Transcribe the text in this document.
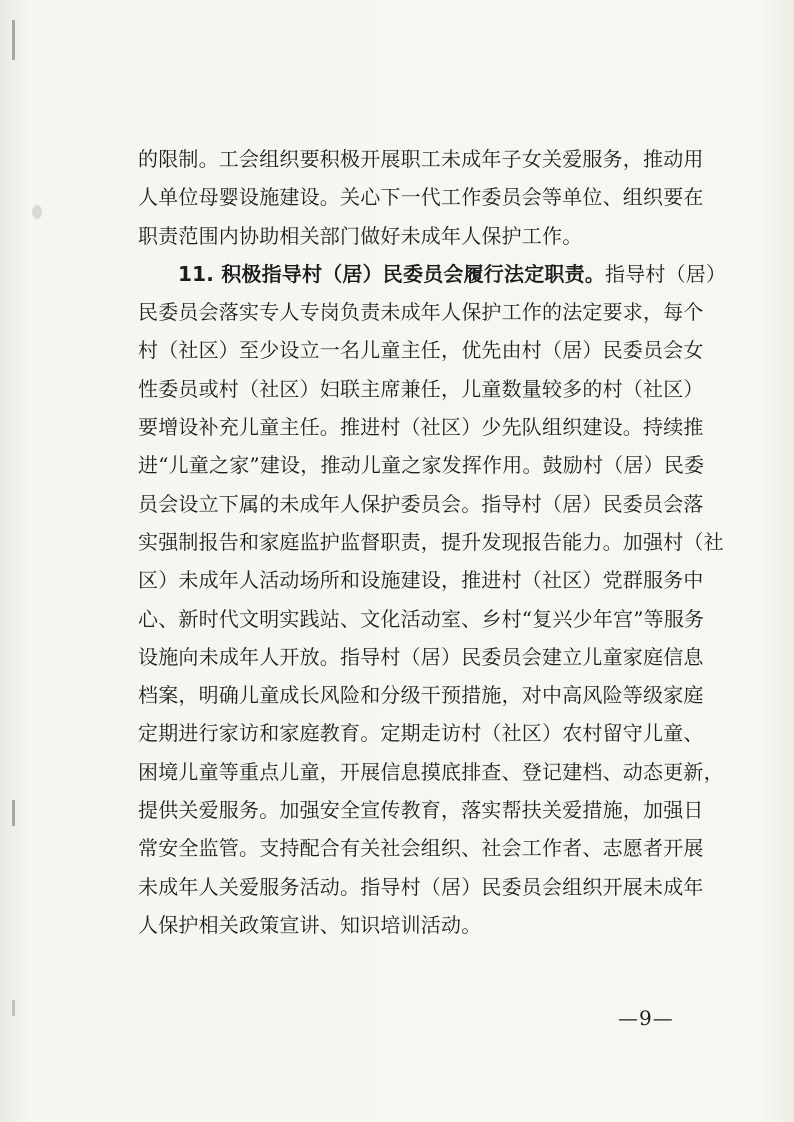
的限制。工会组织要积极开展职工未成年子女关爱服务，推动用
人单位母婴设施建设。关心下一代工作委员会等单位、组织要在
职责范围内协助相关部门做好未成年人保护工作。
11. 积极指导村（居）民委员会履行法定职责。指导村（居）
民委员会落实专人专岗负责未成年人保护工作的法定要求，每个
村（社区）至少设立一名儿童主任，优先由村（居）民委员会女
性委员或村（社区）妇联主席兼任，儿童数量较多的村（社区）
要增设补充儿童主任。推进村（社区）少先队组织建设。持续推
进“儿童之家”建设，推动儿童之家发挥作用。鼓励村（居）民委
员会设立下属的未成年人保护委员会。指导村（居）民委员会落
实强制报告和家庭监护监督职责，提升发现报告能力。加强村（社
区）未成年人活动场所和设施建设，推进村（社区）党群服务中
心、新时代文明实践站、文化活动室、乡村“复兴少年宫”等服务
设施向未成年人开放。指导村（居）民委员会建立儿童家庭信息
档案，明确儿童成长风险和分级干预措施，对中高风险等级家庭
定期进行家访和家庭教育。定期走访村（社区）农村留守儿童、
困境儿童等重点儿童，开展信息摸底排查、登记建档、动态更新，
提供关爱服务。加强安全宣传教育，落实帮扶关爱措施，加强日
常安全监管。支持配合有关社会组织、社会工作者、志愿者开展
未成年人关爱服务活动。指导村（居）民委员会组织开展未成年
人保护相关政策宣讲、知识培训活动。
—9—
